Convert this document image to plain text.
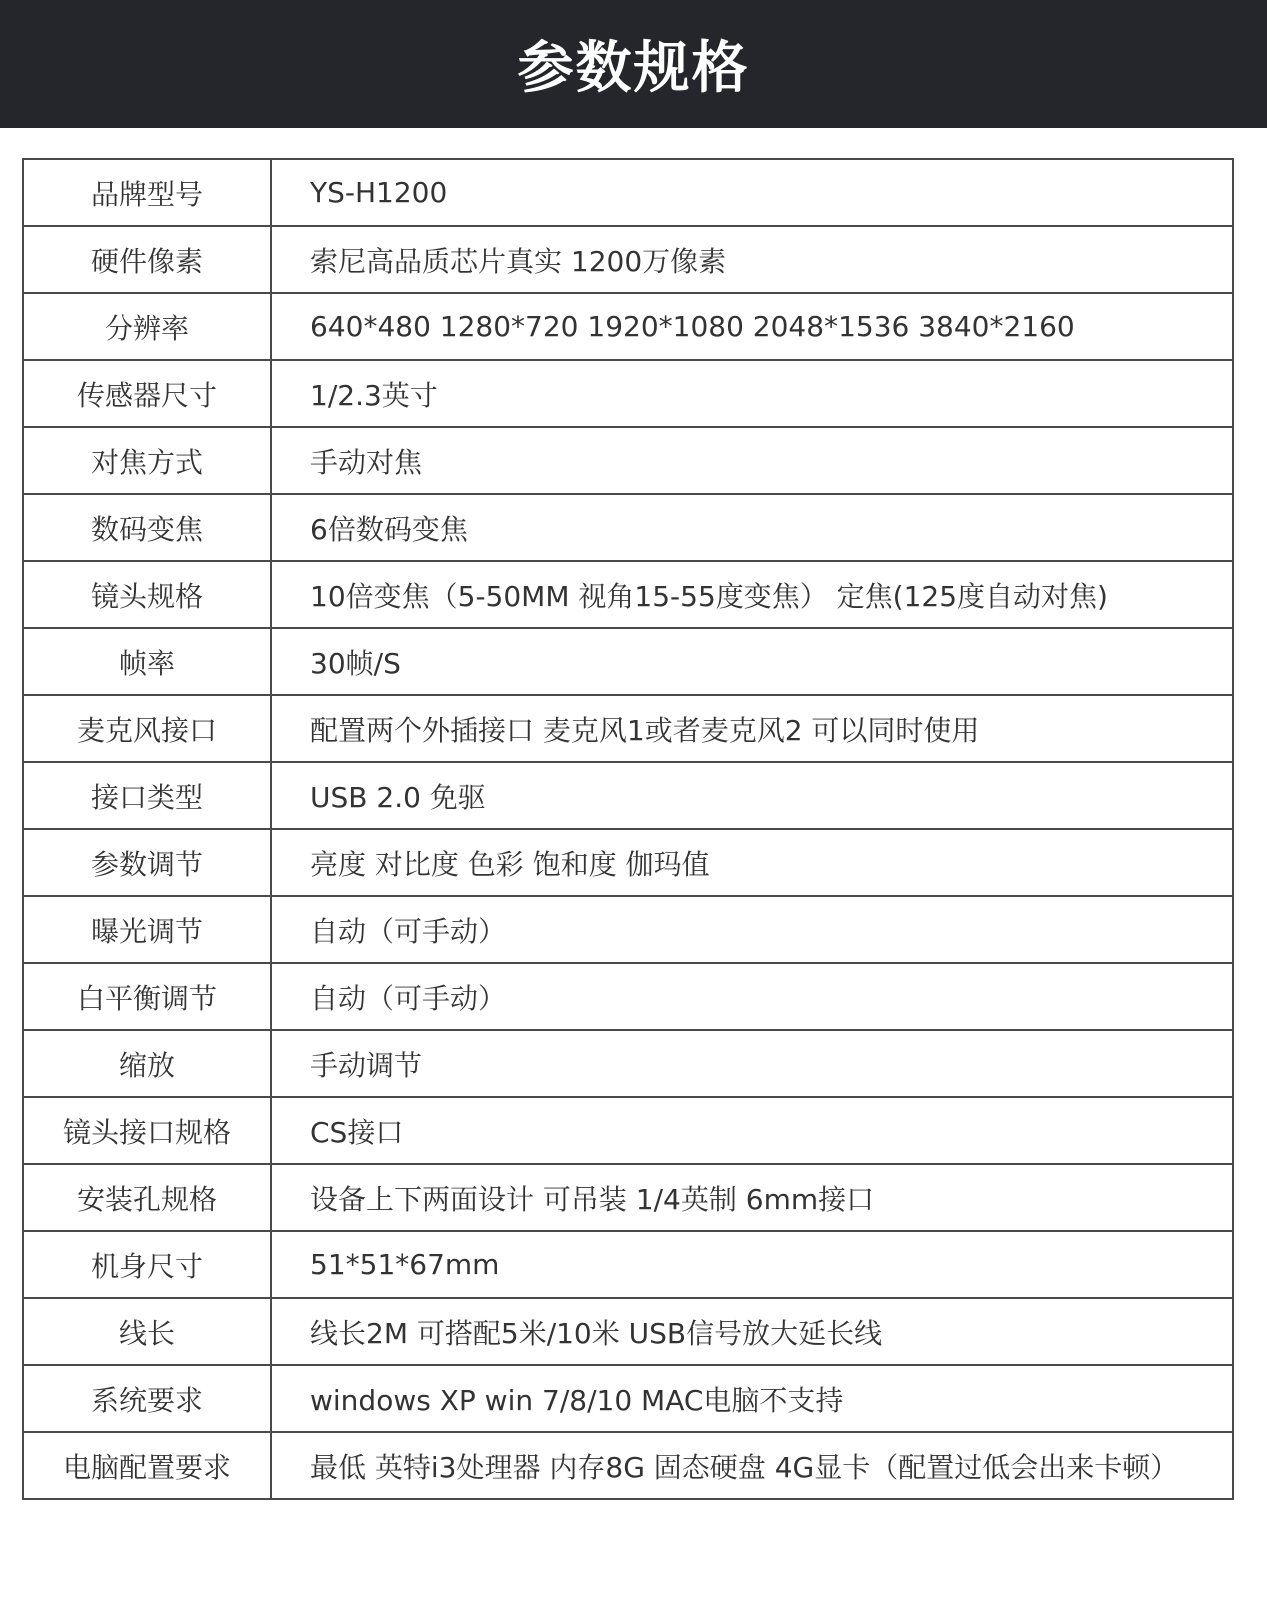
参数规格
品牌型号	YS-H1200
硬件像素	索尼高品质芯片真实 1200万像素
分辨率	640*480 1280*720 1920*1080 2048*1536 3840*2160
传感器尺寸	1/2.3英寸
对焦方式	手动对焦
数码变焦	6倍数码变焦
镜头规格	10倍变焦（5-50MM 视角15-55度变焦） 定焦(125度自动对焦)
帧率	30帧/S
麦克风接口	配置两个外插接口 麦克风1或者麦克风2 可以同时使用
接口类型	USB 2.0 免驱
参数调节	亮度 对比度 色彩 饱和度 伽玛值
曝光调节	自动（可手动）
白平衡调节	自动（可手动）
缩放	手动调节
镜头接口规格	CS接口
安装孔规格	设备上下两面设计 可吊装 1/4英制 6mm接口
机身尺寸	51*51*67mm
线长	线长2M 可搭配5米/10米 USB信号放大延长线
系统要求	windows XP win 7/8/10 MAC电脑不支持
电脑配置要求	最低 英特i3处理器 内存8G 固态硬盘 4G显卡（配置过低会出来卡顿）
